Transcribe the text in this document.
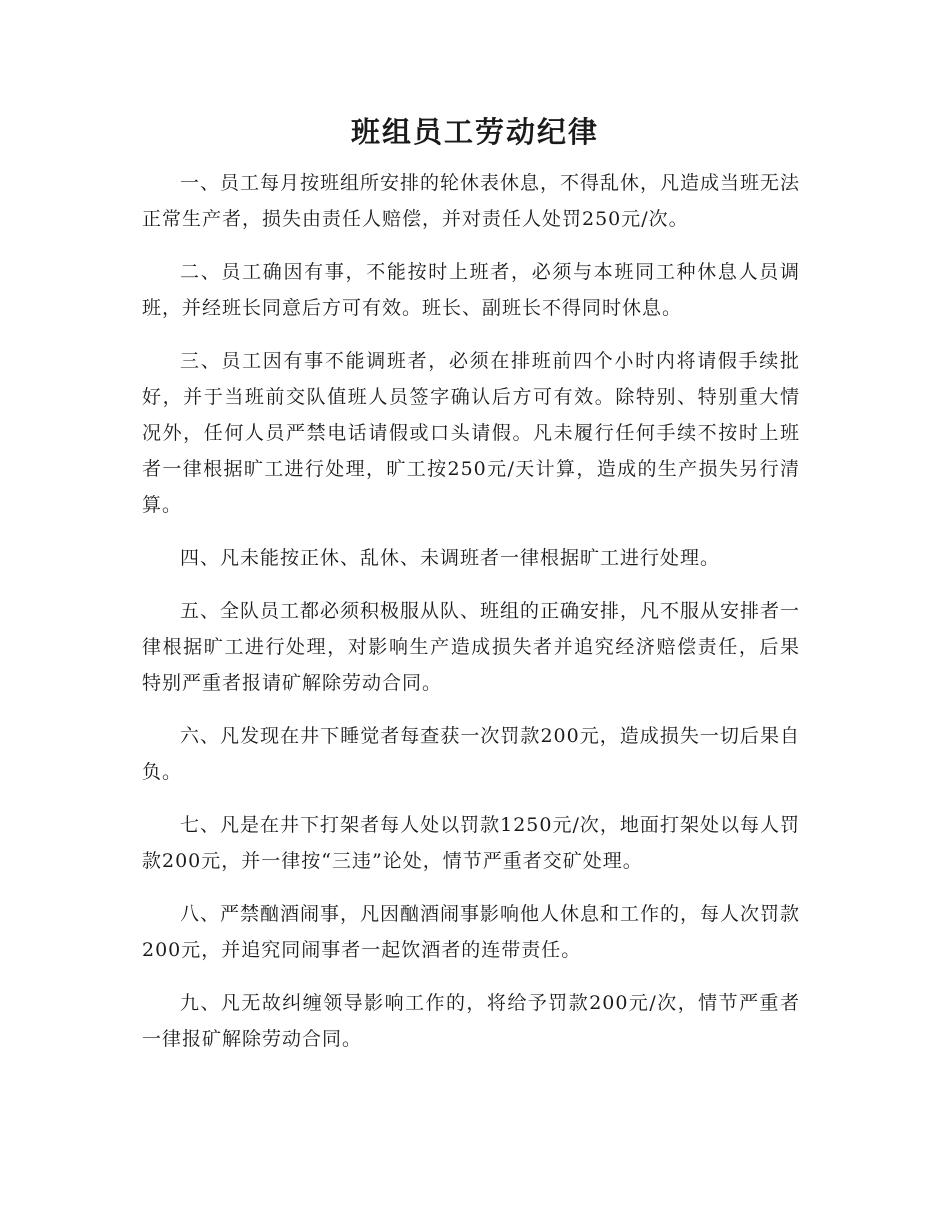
班组员工劳动纪律

一、员工每月按班组所安排的轮休表休息，不得乱休，凡造成当班无法正常生产者，损失由责任人赔偿，并对责任人处罚250元/次。

二、员工确因有事，不能按时上班者，必须与本班同工种休息人员调班，并经班长同意后方可有效。班长、副班长不得同时休息。

三、员工因有事不能调班者，必须在排班前四个小时内将请假手续批好，并于当班前交队值班人员签字确认后方可有效。除特别、特别重大情况外，任何人员严禁电话请假或口头请假。凡未履行任何手续不按时上班者一律根据旷工进行处理，旷工按250元/天计算，造成的生产损失另行清算。

四、凡未能按正休、乱休、未调班者一律根据旷工进行处理。

五、全队员工都必须积极服从队、班组的正确安排，凡不服从安排者一律根据旷工进行处理，对影响生产造成损失者并追究经济赔偿责任，后果特别严重者报请矿解除劳动合同。

六、凡发现在井下睡觉者每查获一次罚款200元，造成损失一切后果自负。

七、凡是在井下打架者每人处以罚款1250元/次，地面打架处以每人罚款200元，并一律按“三违”论处，情节严重者交矿处理。

八、严禁酗酒闹事，凡因酗酒闹事影响他人休息和工作的，每人次罚款200元，并追究同闹事者一起饮酒者的连带责任。

九、凡无故纠缠领导影响工作的，将给予罚款200元/次，情节严重者一律报矿解除劳动合同。
